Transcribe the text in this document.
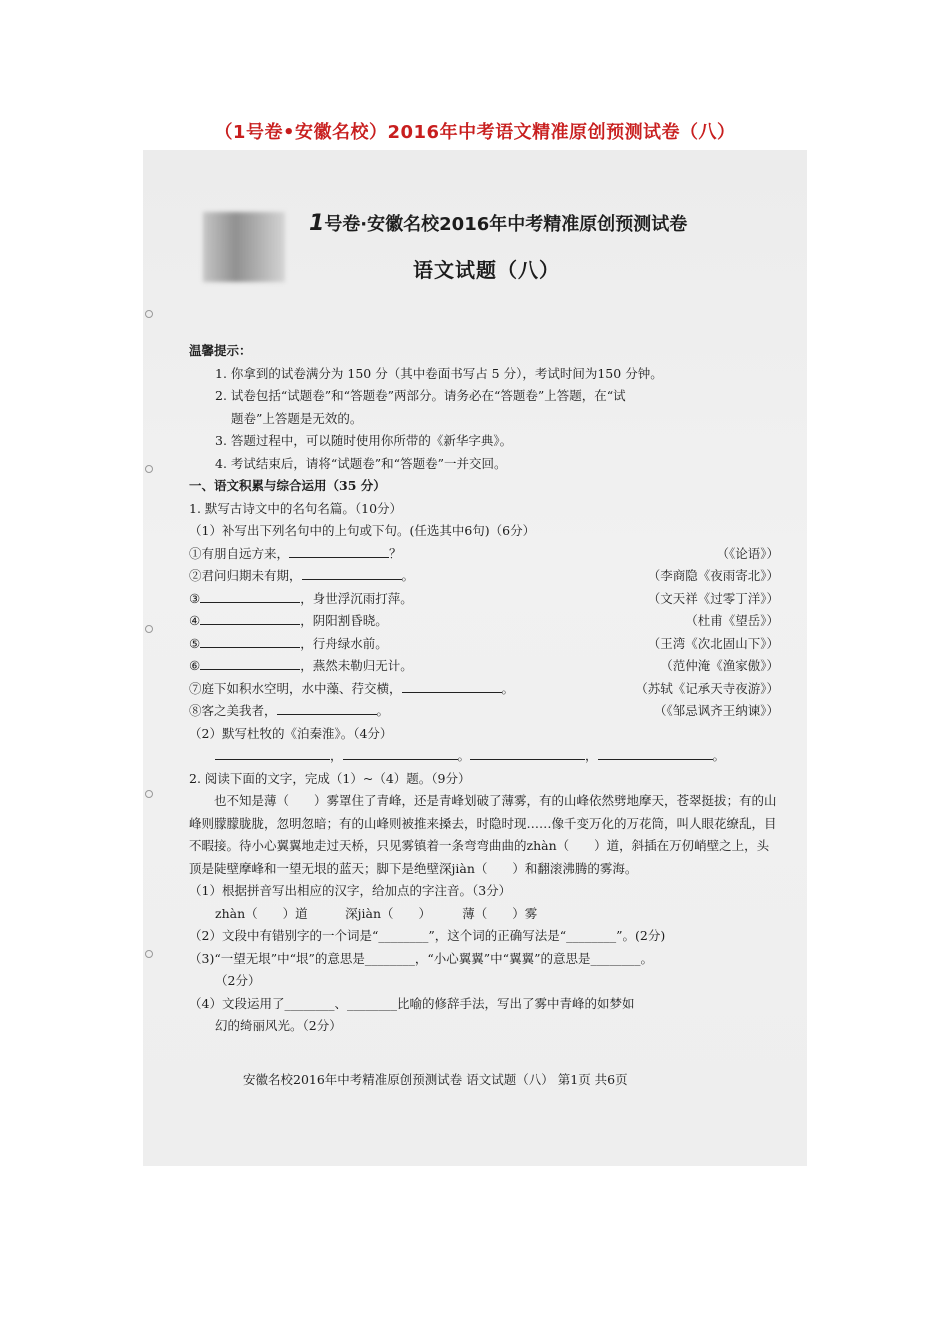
（1号卷•安徽名校）2016年中考语文精准原创预测试卷（八）
1号卷·安徽名校2016年中考精准原创预测试卷
语文试题（八）

温馨提示：

1. 你拿到的试卷满分为 150 分（其中卷面书写占 5 分），考试时间为150 分钟。

2. 试卷包括“试题卷”和“答题卷”两部分。请务必在“答题卷”上答题，在“试

题卷”上答题是无效的。

3. 答题过程中，可以随时使用你所带的《新华字典》。

4. 考试结束后，请将“试题卷”和“答题卷”一并交回。

一、语文积累与综合运用（35 分）

1. 默写古诗文中的名句名篇。（10分）

（1）补写出下列名句中的上句或下句。(任选其中6句)（6分）

①有朋自远方来，	？	（《论语》）

②君问归期未有期，	。	（李商隐《夜雨寄北》）

③	，身世浮沉雨打萍。	（文天祥《过零丁洋》）

④	，阴阳割昏晓。	（杜甫《望岳》）

⑤	，行舟绿水前。	（王湾《次北固山下》）

⑥	，燕然未勒归无计。	（范仲淹《渔家傲》）

⑦庭下如积水空明，水中藻、荇交横，	。	（苏轼《记承天寺夜游》）

⑧客之美我者，	。	（《邹忌讽齐王纳谏》）

（2）默写杜牧的《泊秦淮》。（4分）

，	。	，	。

2. 阅读下面的文字，完成（1）~（4）题。（9分）

也不知是薄（　　）雾罩住了青峰，还是青峰划破了薄雾，有的山峰依然劈地摩天，苍翠挺拔；有的山峰则朦朦胧胧，忽明忽暗；有的山峰则被推来搡去，时隐时现……像千变万化的万花筒，叫人眼花缭乱，目不暇接。待小心翼翼地走过天桥，只见雾镇着一条弯弯曲曲的zhàn（　　）道，斜插在万仞峭壁之上，头顶是陡壁摩峰和一望无垠的蓝天；脚下是绝壁深jiàn（　　）和翻滚沸腾的雾海。

（1）根据拼音写出相应的汉字，给加点的字注音。（3分）

zhàn（　　）道　　　深jiàn（　　）　　　薄（　　）雾

（2）文段中有错别字的一个词是“________”，这个词的正确写法是“________”。(2分)

（3)“一望无垠”中“垠”的意思是________，“小心翼翼”中“翼翼”的意思是________。

（2分）

（4）文段运用了________、________比喻的修辞手法，写出了雾中青峰的如梦如

幻的绮丽风光。（2分）

安徽名校2016年中考精准原创预测试卷 语文试题（八） 第1页 共6页
